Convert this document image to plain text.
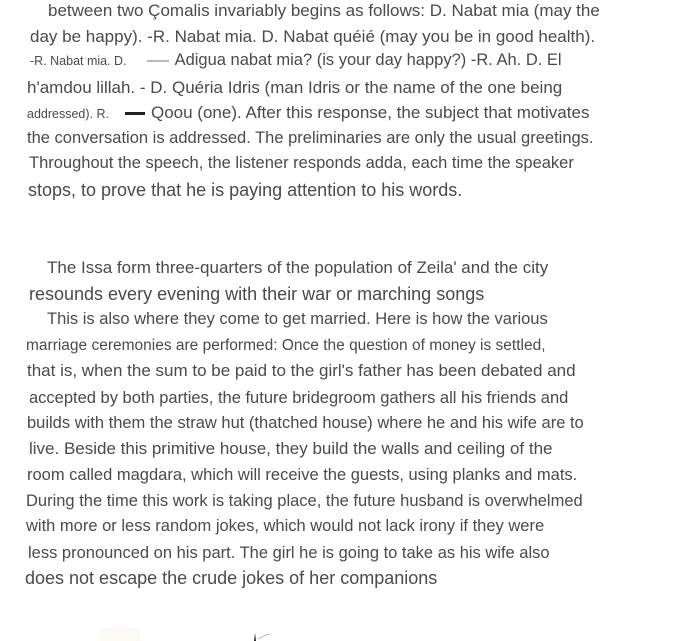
between two Çomalis invariably begins as follows: D. Nabat mia (may the
day be happy). -R. Nabat mia. D. Nabat quéié (may you be in good health).
-R. Nabat mia. D.	Adigua nabat mia? (is your day happy?) -R. Ah. D. El
h'amdou lillah. - D. Quéria Idris (man Idris or the name of the one being
addressed). R. Qoou (one). After this response, the subject that motivates
the conversation is addressed. The preliminaries are only the usual greetings.
Throughout the speech, the listener responds adda, each time the speaker
stops, to prove that he is paying attention to his words.
The Issa form three-quarters of the population of Zeila' and the city
resounds every evening with their war or marching songs
This is also where they come to get married. Here is how the various
marriage ceremonies are performed: Once the question of money is settled,
that is, when the sum to be paid to the girl's father has been debated and
accepted by both parties, the future bridegroom gathers all his friends and
builds with them the straw hut (thatched house) where he and his wife are to
live. Beside this primitive house, they build the walls and ceiling of the
room called magdara, which will receive the guests, using planks and mats.
During the time this work is taking place, the future husband is overwhelmed
with more or less random jokes, which would not lack irony if they were
less pronounced on his part. The girl he is going to take as his wife also
does not escape the crude jokes of her companions
